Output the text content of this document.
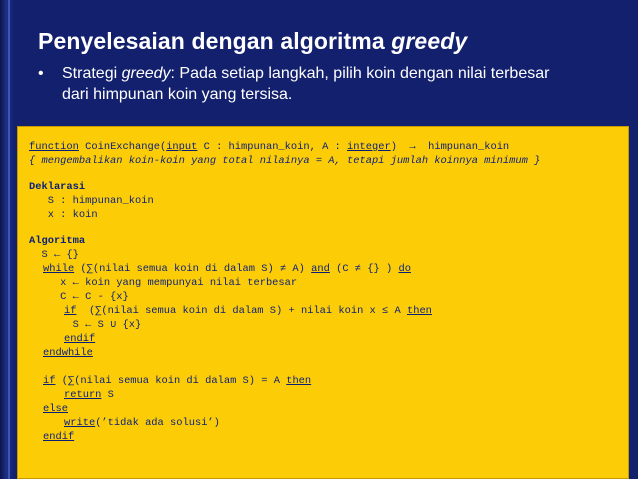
Penyelesaian dengan algoritma greedy
• Strategi greedy: Pada setiap langkah, pilih koin dengan nilai terbesar
dari himpunan koin yang tersisa.
function CoinExchange(input C : himpunan_koin, A : integer)  →  himpunan_koin
{ mengembalikan koin-koin yang total nilainya = A, tetapi jumlah koinnya minimum }
Deklarasi
S : himpunan_koin
x : koin
Algoritma
S ← {}
while (∑(nilai semua koin di dalam S) ≠ A) and (C ≠ {} ) do
x ← koin yang mempunyai nilai terbesar
C ← C - {x}
if  (∑(nilai semua koin di dalam S) + nilai koin x ≤ A then
S ← S ∪ {x}
endif
endwhile
if (∑(nilai semua koin di dalam S) = A then
return S
else
write(’tidak ada solusi’)
endif
